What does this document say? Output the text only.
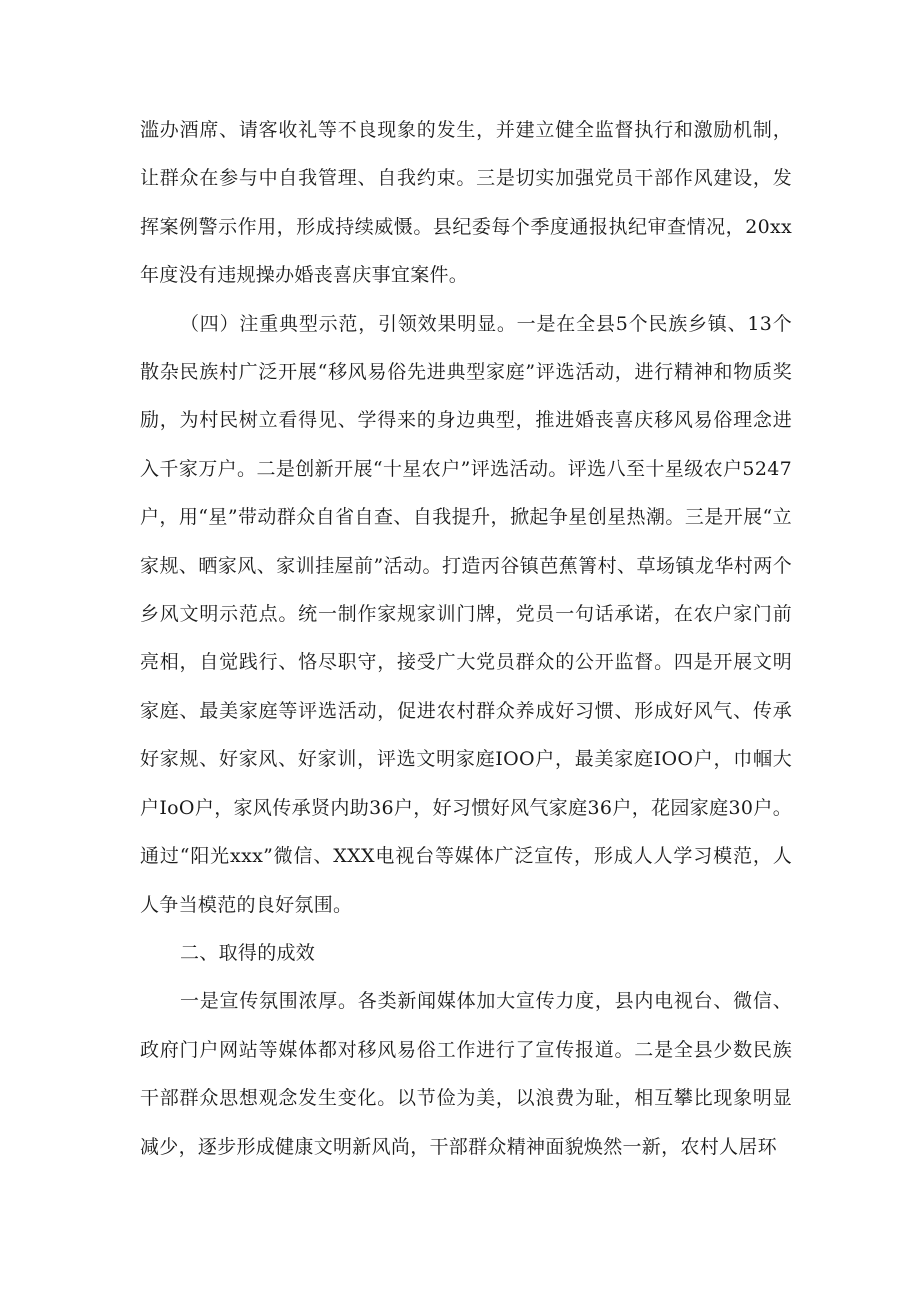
滥办酒席、请客收礼等不良现象的发生，并建立健全监督执行和激励机制，让群众在参与中自我管理、自我约束。三是切实加强党员干部作风建设，发挥案例警示作用，形成持续威慑。县纪委每个季度通报执纪审查情况，20xx年度没有违规操办婚丧喜庆事宜案件。

（四）注重典型示范，引领效果明显。一是在全县5个民族乡镇、13个散杂民族村广泛开展“移风易俗先进典型家庭”评选活动，进行精神和物质奖励，为村民树立看得见、学得来的身边典型，推进婚丧喜庆移风易俗理念进入千家万户。二是创新开展“十星农户”评选活动。评选八至十星级农户5247户，用“星”带动群众自省自查、自我提升，掀起争星创星热潮。三是开展“立家规、晒家风、家训挂屋前”活动。打造丙谷镇芭蕉箐村、草场镇龙华村两个乡风文明示范点。统一制作家规家训门牌，党员一句话承诺，在农户家门前亮相，自觉践行、恪尽职守，接受广大党员群众的公开监督。四是开展文明家庭、最美家庭等评选活动，促进农村群众养成好习惯、形成好风气、传承好家规、好家风、好家训，评选文明家庭IOO户，最美家庭IOO户，巾帼大户IoO户，家风传承贤内助36户，好习惯好风气家庭36户，花园家庭30户。通过“阳光xxx”微信、XXX电视台等媒体广泛宣传，形成人人学习模范，人人争当模范的良好氛围。

二、取得的成效

一是宣传氛围浓厚。各类新闻媒体加大宣传力度，县内电视台、微信、政府门户网站等媒体都对移风易俗工作进行了宣传报道。二是全县少数民族干部群众思想观念发生变化。以节俭为美，以浪费为耻，相互攀比现象明显减少，逐步形成健康文明新风尚，干部群众精神面貌焕然一新，农村人居环
